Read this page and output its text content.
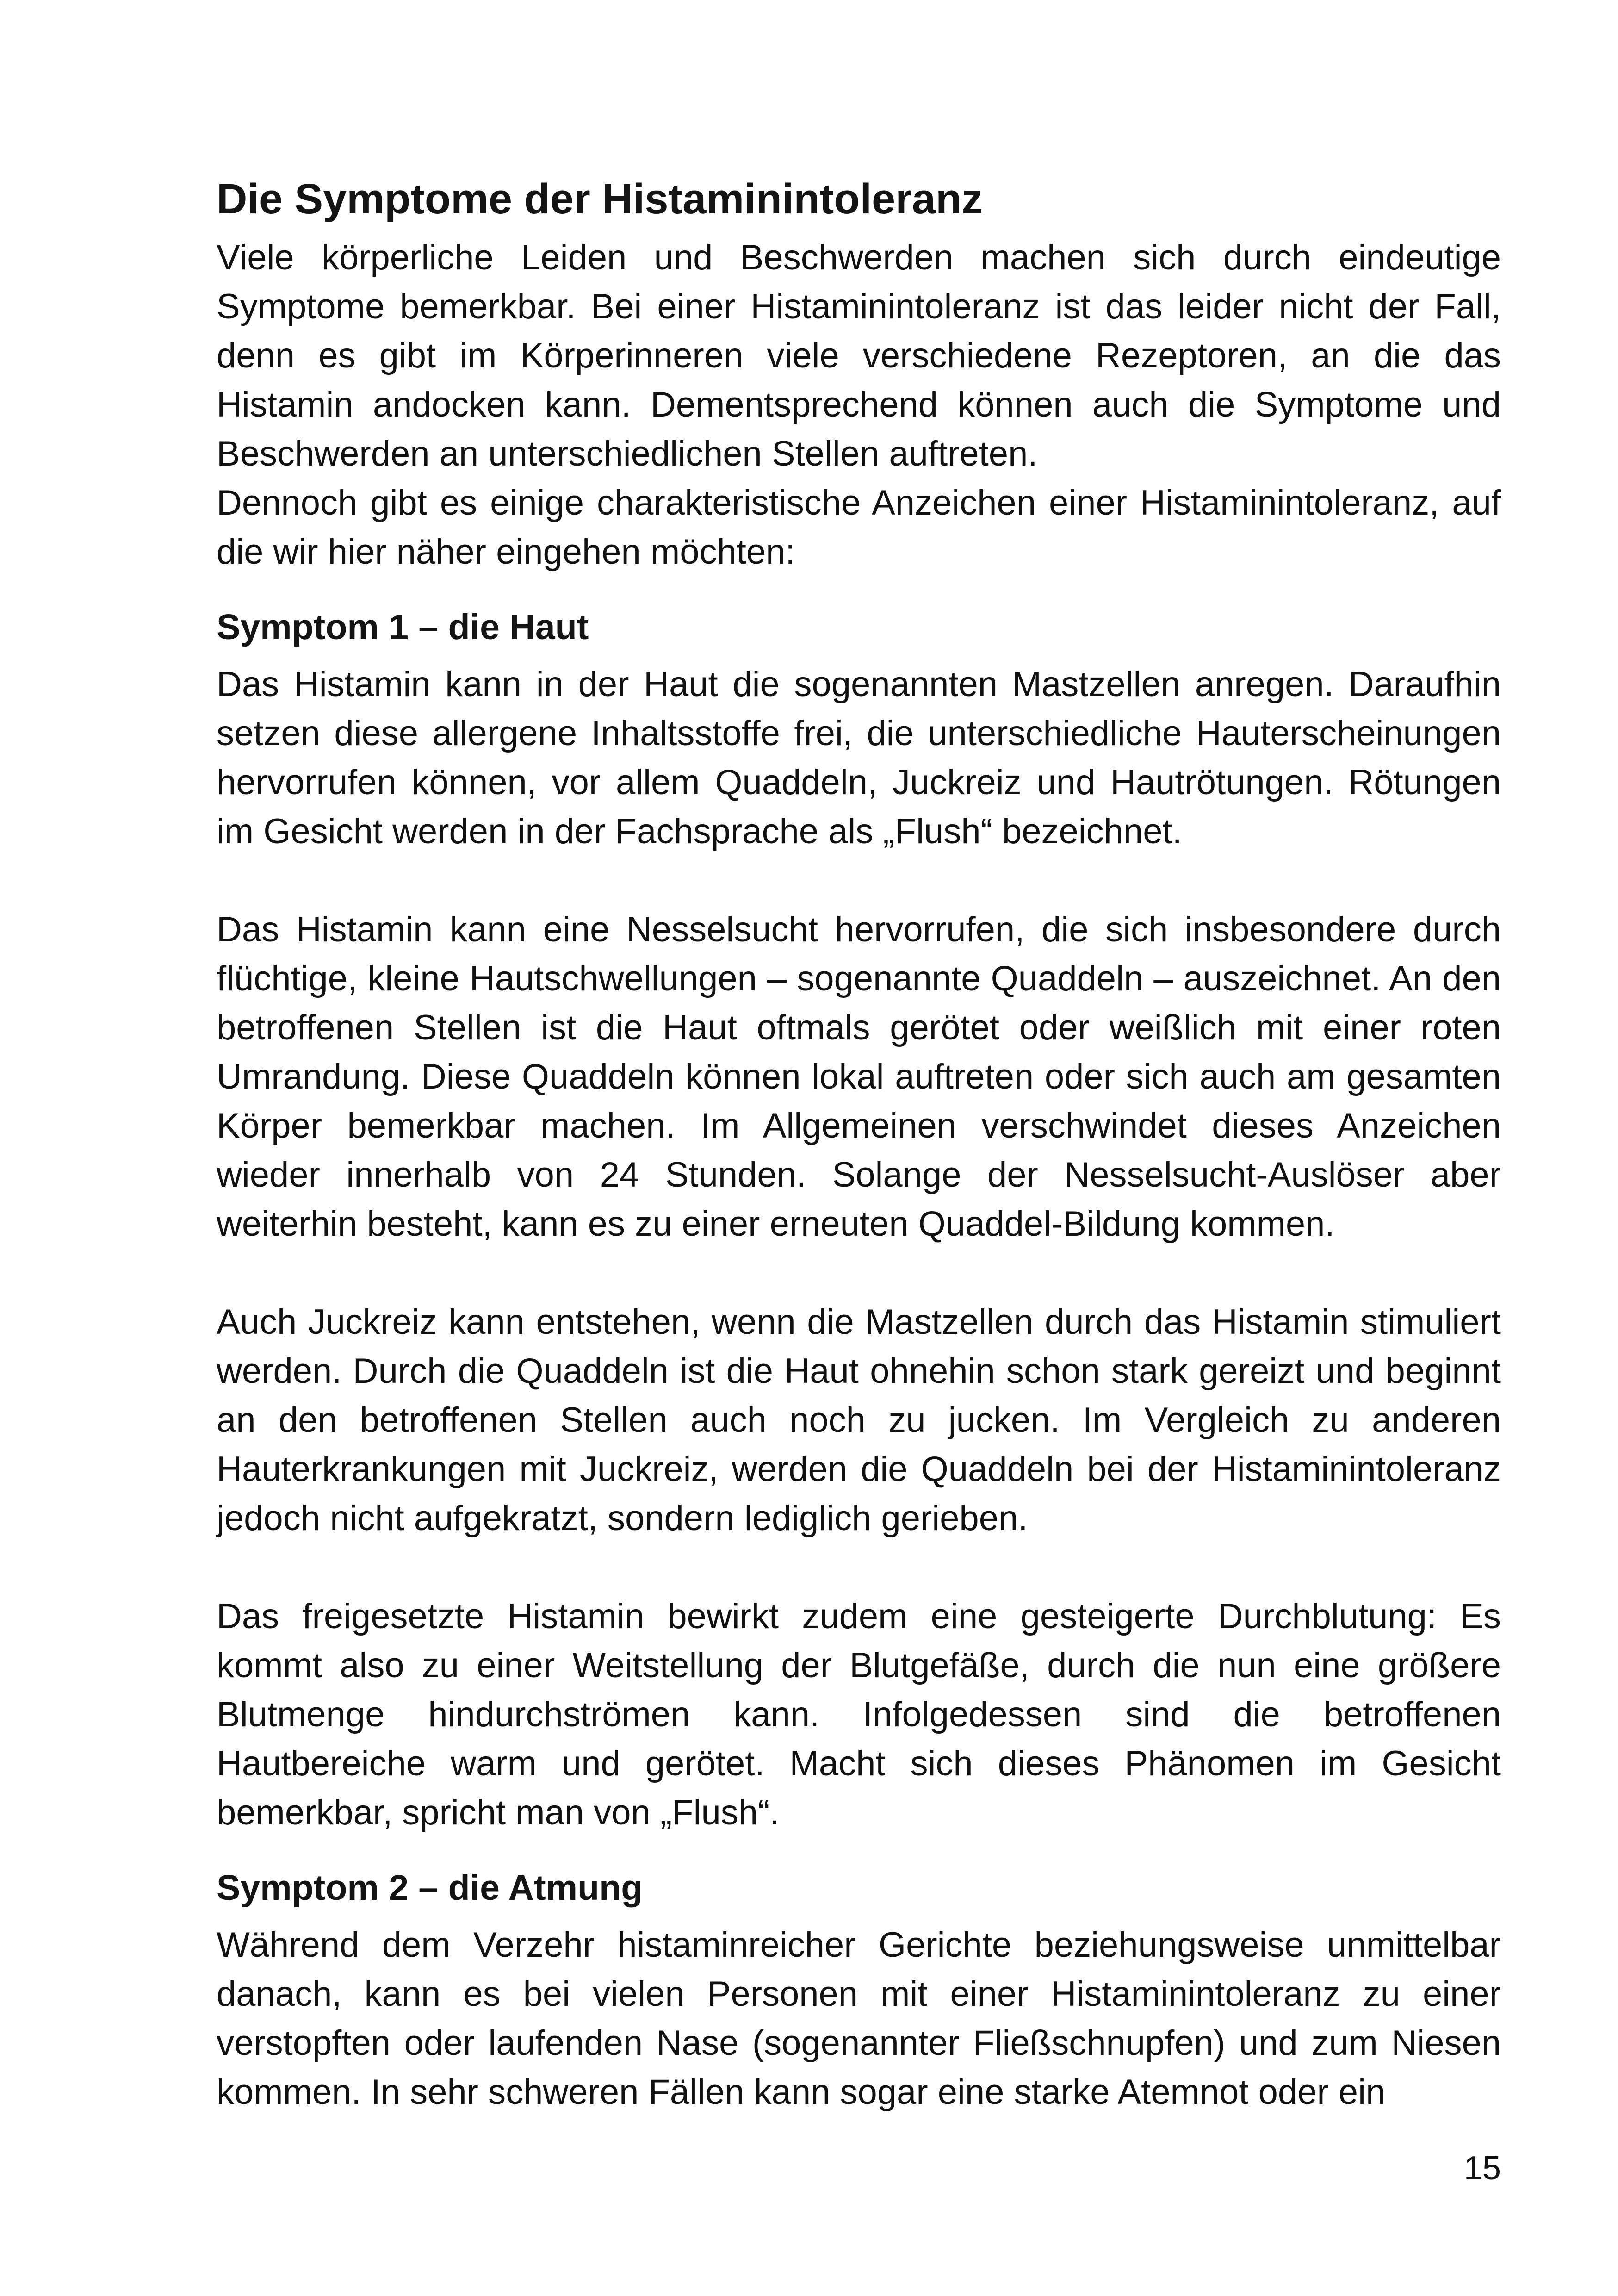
Die Symptome der Histaminintoleranz

Viele körperliche Leiden und Beschwerden machen sich durch eindeutige Symptome bemerkbar. Bei einer Histaminintoleranz ist das leider nicht der Fall, denn es gibt im Körperinneren viele verschiedene Rezeptoren, an die das Histamin andocken kann. Dementsprechend können auch die Symptome und Beschwerden an unterschiedlichen Stellen auftreten.

Dennoch gibt es einige charakteristische Anzeichen einer Histaminintoleranz, auf die wir hier näher eingehen möchten:

Symptom 1 – die Haut

Das Histamin kann in der Haut die sogenannten Mastzellen anregen. Daraufhin setzen diese allergene Inhaltsstoffe frei, die unterschiedliche Hauterscheinungen hervorrufen können, vor allem Quaddeln, Juckreiz und Hautrötungen. Rötungen im Gesicht werden in der Fachsprache als „Flush“ bezeichnet.

Das Histamin kann eine Nesselsucht hervorrufen, die sich insbesondere durch flüchtige, kleine Hautschwellungen – sogenannte Quaddeln – auszeichnet. An den betroffenen Stellen ist die Haut oftmals gerötet oder weißlich mit einer roten Umrandung. Diese Quaddeln können lokal auftreten oder sich auch am gesamten Körper bemerkbar machen. Im Allgemeinen verschwindet dieses Anzeichen wieder innerhalb von 24 Stunden. Solange der Nesselsucht-Auslöser aber weiterhin besteht, kann es zu einer erneuten Quaddel-Bildung kommen.

Auch Juckreiz kann entstehen, wenn die Mastzellen durch das Histamin stimuliert werden. Durch die Quaddeln ist die Haut ohnehin schon stark gereizt und beginnt an den betroffenen Stellen auch noch zu jucken. Im Vergleich zu anderen Hauterkrankungen mit Juckreiz, werden die Quaddeln bei der Histaminintoleranz jedoch nicht aufgekratzt, sondern lediglich gerieben.

Das freigesetzte Histamin bewirkt zudem eine gesteigerte Durchblutung: Es kommt also zu einer Weitstellung der Blutgefäße, durch die nun eine größere Blutmenge hindurchströmen kann. Infolgedessen sind die betroffenen Hautbereiche warm und gerötet. Macht sich dieses Phänomen im Gesicht bemerkbar, spricht man von „Flush“.

Symptom 2 – die Atmung

Während dem Verzehr histaminreicher Gerichte beziehungsweise unmittelbar danach, kann es bei vielen Personen mit einer Histaminintoleranz zu einer verstopften oder laufenden Nase (sogenannter Fließschnupfen) und zum Niesen kommen. In sehr schweren Fällen kann sogar eine starke Atemnot oder ein

15
